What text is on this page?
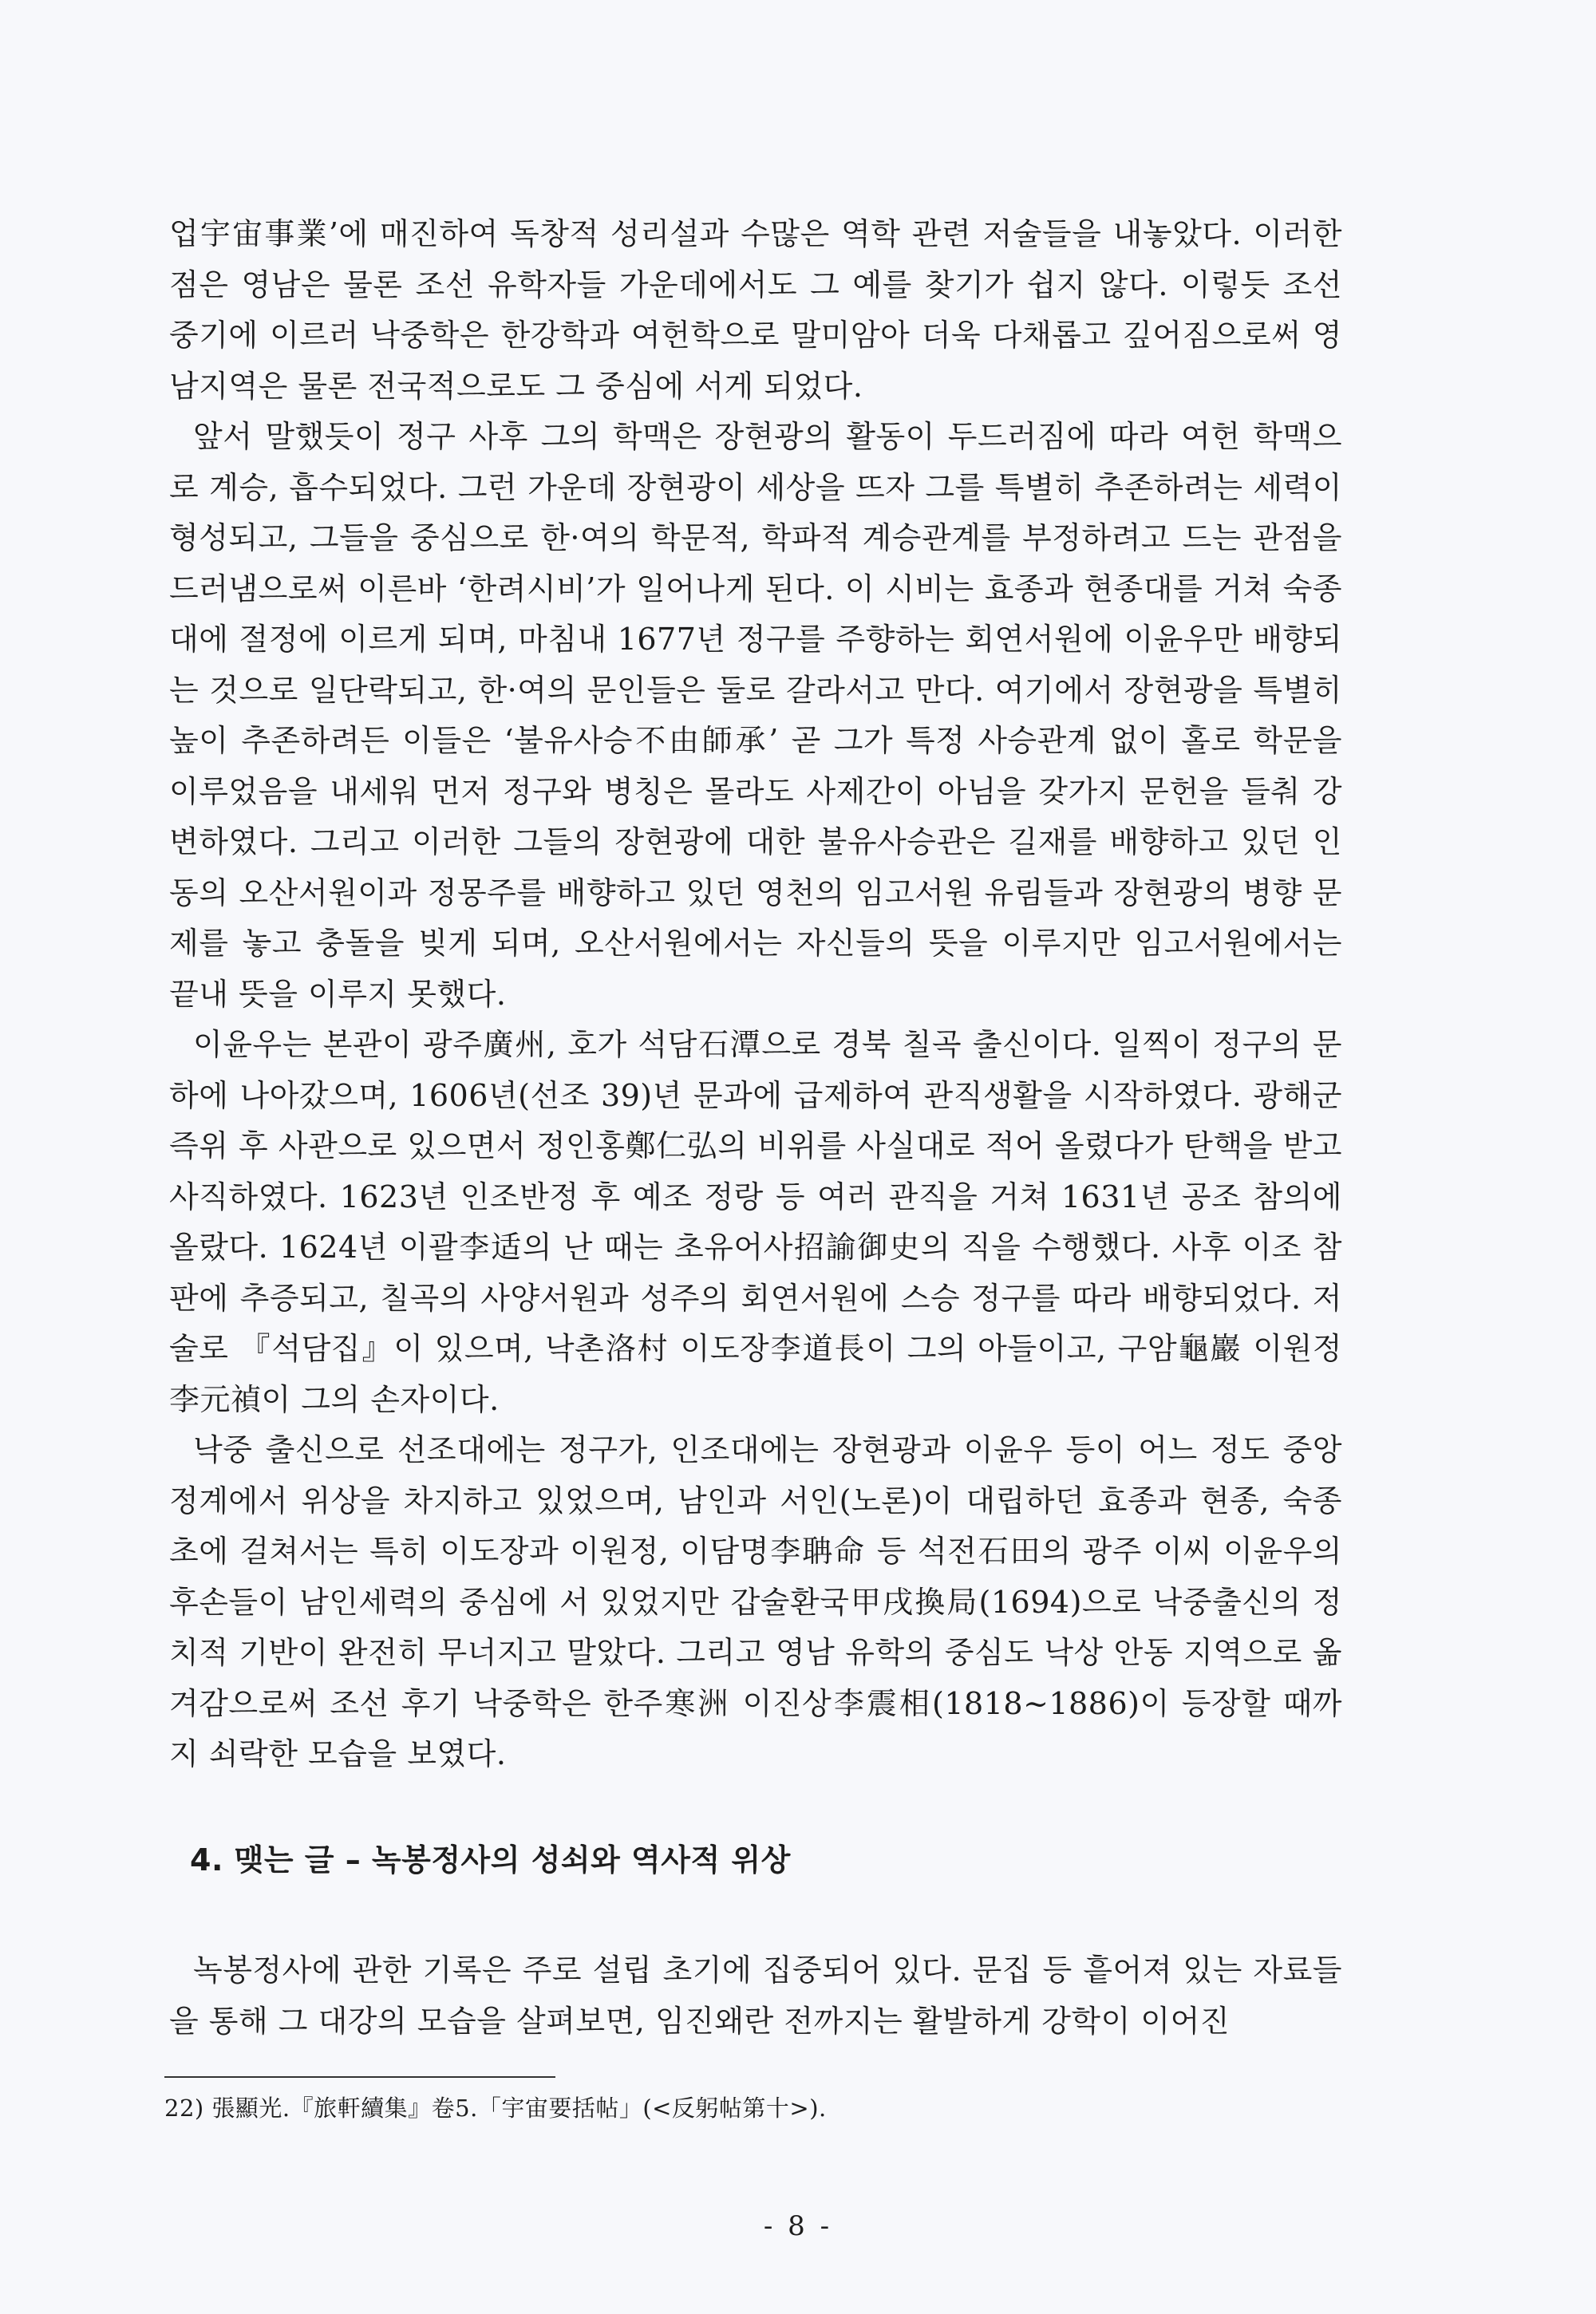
업宇宙事業’에 매진하여 독창적 성리설과 수많은 역학 관련 저술들을 내놓았다. 이러한 점은 영남은 물론 조선 유학자들 가운데에서도 그 예를 찾기가 쉽지 않다. 이렇듯 조선 중기에 이르러 낙중학은 한강학과 여헌학으로 말미암아 더욱 다채롭고 깊어짐으로써 영남지역은 물론 전국적으로도 그 중심에 서게 되었다.

앞서 말했듯이 정구 사후 그의 학맥은 장현광의 활동이 두드러짐에 따라 여헌 학맥으로 계승, 흡수되었다. 그런 가운데 장현광이 세상을 뜨자 그를 특별히 추존하려는 세력이 형성되고, 그들을 중심으로 한·여의 학문적, 학파적 계승관계를 부정하려고 드는 관점을 드러냄으로써 이른바 ‘한려시비’가 일어나게 된다. 이 시비는 효종과 현종대를 거쳐 숙종대에 절정에 이르게 되며, 마침내 1677년 정구를 주향하는 회연서원에 이윤우만 배향되는 것으로 일단락되고, 한·여의 문인들은 둘로 갈라서고 만다. 여기에서 장현광을 특별히 높이 추존하려든 이들은 ‘불유사승不由師承’ 곧 그가 특정 사승관계 없이 홀로 학문을 이루었음을 내세워 먼저 정구와 병칭은 몰라도 사제간이 아님을 갖가지 문헌을 들춰 강변하였다. 그리고 이러한 그들의 장현광에 대한 불유사승관은 길재를 배향하고 있던 인동의 오산서원이과 정몽주를 배향하고 있던 영천의 임고서원 유림들과 장현광의 병향 문제를 놓고 충돌을 빚게 되며, 오산서원에서는 자신들의 뜻을 이루지만 임고서원에서는 끝내 뜻을 이루지 못했다.

이윤우는 본관이 광주廣州, 호가 석담石潭으로 경북 칠곡 출신이다. 일찍이 정구의 문하에 나아갔으며, 1606년(선조 39)년 문과에 급제하여 관직생활을 시작하였다. 광해군 즉위 후 사관으로 있으면서 정인홍鄭仁弘의 비위를 사실대로 적어 올렸다가 탄핵을 받고 사직하였다. 1623년 인조반정 후 예조 정랑 등 여러 관직을 거쳐 1631년 공조 참의에 올랐다. 1624년 이괄李适의 난 때는 초유어사招諭御史의 직을 수행했다. 사후 이조 참판에 추증되고, 칠곡의 사양서원과 성주의 회연서원에 스승 정구를 따라 배향되었다. 저술로 『석담집』이 있으며, 낙촌洛村 이도장李道長이 그의 아들이고, 구암龜巖 이원정李元禎이 그의 손자이다.

낙중 출신으로 선조대에는 정구가, 인조대에는 장현광과 이윤우 등이 어느 정도 중앙정계에서 위상을 차지하고 있었으며, 남인과 서인(노론)이 대립하던 효종과 현종, 숙종 초에 걸쳐서는 특히 이도장과 이원정, 이담명李聃命 등 석전石田의 광주 이씨 이윤우의 후손들이 남인세력의 중심에 서 있었지만 갑술환국甲戌換局(1694)으로 낙중출신의 정치적 기반이 완전히 무너지고 말았다. 그리고 영남 유학의 중심도 낙상 안동 지역으로 옮겨감으로써 조선 후기 낙중학은 한주寒洲 이진상李震相(1818~1886)이 등장할 때까지 쇠락한 모습을 보였다.

4. 맺는 글 – 녹봉정사의 성쇠와 역사적 위상

녹봉정사에 관한 기록은 주로 설립 초기에 집중되어 있다. 문집 등 흩어져 있는 자료들을 통해 그 대강의 모습을 살펴보면, 임진왜란 전까지는 활발하게 강학이 이어진

22) 張顯光.『旅軒續集』卷5.「宇宙要括帖」(<反躬帖第十>).

- 8 -
